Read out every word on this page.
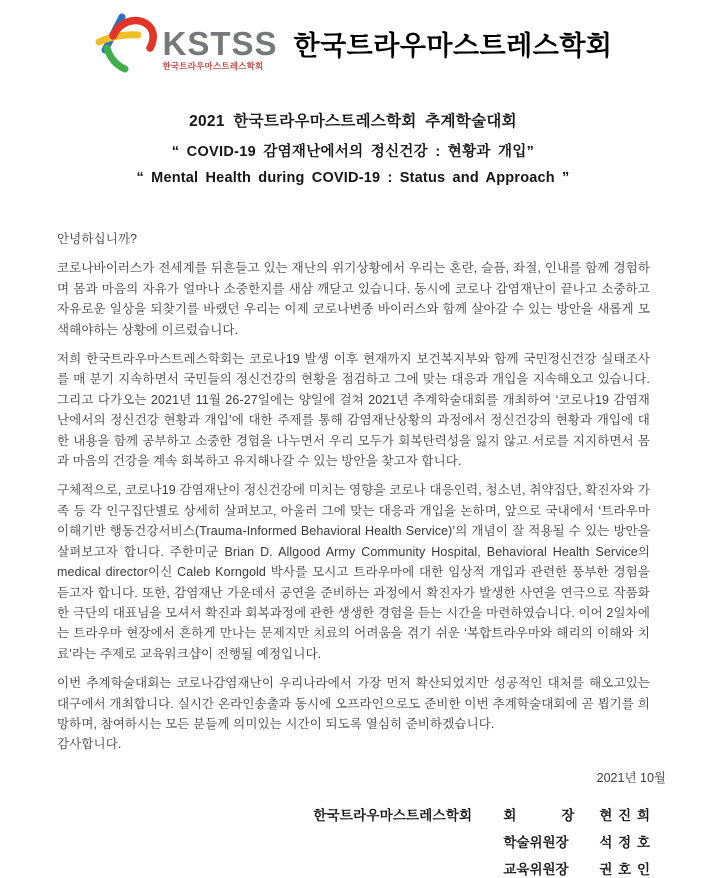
KSTSS
한국트라우마스트레스학회
한국트라우마스트레스학회
2021 한국트라우마스트레스학회 추계학술대회
“ COVID-19 감염재난에서의 정신건강 : 현황과 개입”
“ Mental Health during COVID-19 : Status and Approach ”

안녕하십니까?

코로나바이러스가 전세계를 뒤흔들고 있는 재난의 위기상황에서 우리는 혼란, 슬픔, 좌절, 인내를 함께 경험하며 몸과 마음의 자유가 얼마나 소중한지를 새삼 깨닫고 있습니다. 동시에 코로나 감염재난이 끝나고 소중하고 자유로운 일상을 되찾기를 바랬던 우리는 이제 코로나변종 바이러스와 함께 살아갈 수 있는 방안을 새롭게 모색해야하는 상황에 이르렀습니다.

저희 한국트라우마스트레스학회는 코로나19 발생 이후 현재까지 보건복지부와 함께 국민정신건강 실태조사를 매 분기 지속하면서 국민들의 정신건강의 현황을 점검하고 그에 맞는 대응과 개입을 지속해오고 있습니다. 그리고 다가오는 2021년 11월 26-27일에는 양일에 걸쳐 2021년 추계학술대회를 개최하여 ‘코로나19 감염재난에서의 정신건강 현황과 개입’에 대한 주제를 통해 감염재난상황의 과정에서 정신건강의 현황과 개입에 대한 내용을 함께 공부하고 소중한 경험을 나누면서 우리 모두가 회복탄력성을 잃지 않고 서로를 지지하면서 몸과 마음의 건강을 계속 회복하고 유지해나갈 수 있는 방안을 찾고자 합니다.

구체적으로, 코로나19 감염재난이 정신건강에 미치는 영향을 코로나 대응인력, 청소년, 취약집단, 확진자와 가족 등 각 인구집단별로 상세히 살펴보고, 아울러 그에 맞는 대응과 개입을 논하며, 앞으로 국내에서 ‘트라우마 이해기반 행동건강서비스(Trauma-Informed Behavioral Health Service)’의 개념이 잘 적용될 수 있는 방안을 살펴보고자 합니다. 주한미군 Brian D. Allgood Army Community Hospital, Behavioral Health Service의 medical director이신 Caleb Korngold 박사를 모시고 트라우마에 대한 임상적 개입과 관련한 풍부한 경험을 듣고자 합니다. 또한, 감염재난 가운데서 공연을 준비하는 과정에서 확진자가 발생한 사연을 연극으로 작품화한 극단의 대표님을 모셔서 확진과 회복과정에 관한 생생한 경험을 듣는 시간을 마련하였습니다. 이어 2일차에는 트라우마 현장에서 흔하게 만나는 문제지만 치료의 어려움을 겪기 쉬운 ‘복합트라우마와 해리의 이해와 치료’라는 주제로 교육워크샵이 진행될 예정입니다.

이번 추계학술대회는 코로나감염재난이 우리나라에서 가장 먼저 확산되었지만 성공적인 대처를 해오고있는 대구에서 개최합니다. 실시간 온라인송출과 동시에 오프라인으로도 준비한 이번 추계학술대회에 곧 뵙기를 희망하며, 참여하시는 모든 분들께 의미있는 시간이 되도록 열심히 준비하겠습니다.

감사합니다.

2021년 10월
한국트라우마스트레스학회	회            장	현 진 희
학술위원장	석 정 호
교육위원장	권 호 인
